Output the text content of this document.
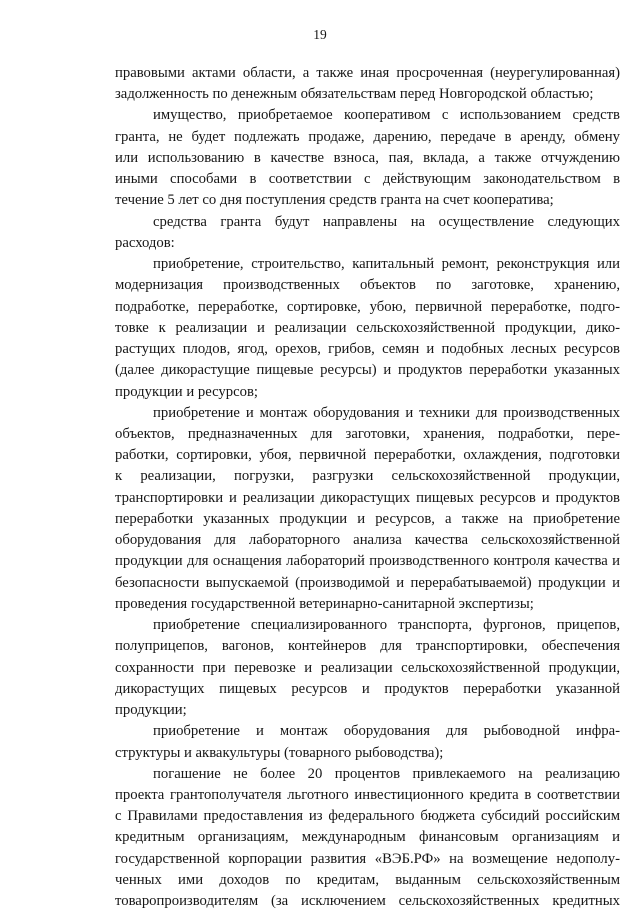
19
правовыми актами области, а также иная просроченная (неурегулированная)
задолженность по денежным обязательствам перед Новгородской областью;
имущество, приобретаемое кооперативом с использованием средств
гранта, не будет подлежать продаже, дарению, передаче в аренду, обмену
или использованию в качестве взноса, пая, вклада, а также отчуждению
иными способами в соответствии с действующим законодательством в
течение 5 лет со дня поступления средств гранта на счет кооператива;
средства гранта будут направлены на осуществление следующих
расходов:
приобретение, строительство, капитальный ремонт, реконструкция или
модернизация производственных объектов по заготовке, хранению,
подработке, переработке, сортировке, убою, первичной переработке, подго-
товке к реализации и реализации сельскохозяйственной продукции, дико-
растущих плодов, ягод, орехов, грибов, семян и подобных лесных ресурсов
(далее дикорастущие пищевые ресурсы) и продуктов переработки указанных
продукции и ресурсов;
приобретение и монтаж оборудования и техники для производственных
объектов, предназначенных для заготовки, хранения, подработки, пере-
работки, сортировки, убоя, первичной переработки, охлаждения, подготовки
к реализации, погрузки, разгрузки сельскохозяйственной продукции,
транспортировки и реализации дикорастущих пищевых ресурсов и продуктов
переработки указанных продукции и ресурсов, а также на приобретение
оборудования для лабораторного анализа качества сельскохозяйственной
продукции для оснащения лабораторий производственного контроля качества и
безопасности выпускаемой (производимой и перерабатываемой) продукции и
проведения государственной ветеринарно-санитарной экспертизы;
приобретение специализированного транспорта, фургонов, прицепов,
полуприцепов, вагонов, контейнеров для транспортировки, обеспечения
сохранности при перевозке и реализации сельскохозяйственной продукции,
дикорастущих пищевых ресурсов и продуктов переработки указанной
продукции;
приобретение и монтаж оборудования для рыбоводной инфра-
структуры и аквакультуры (товарного рыбоводства);
погашение не более 20 процентов привлекаемого на реализацию
проекта грантополучателя льготного инвестиционного кредита в соответствии
с Правилами предоставления из федерального бюджета субсидий российским
кредитным организациям, международным финансовым организациям и
государственной корпорации развития «ВЭБ.РФ» на возмещение недополу-
ченных ими доходов по кредитам, выданным сельскохозяйственным
товаропроизводителям (за исключением сельскохозяйственных кредитных
